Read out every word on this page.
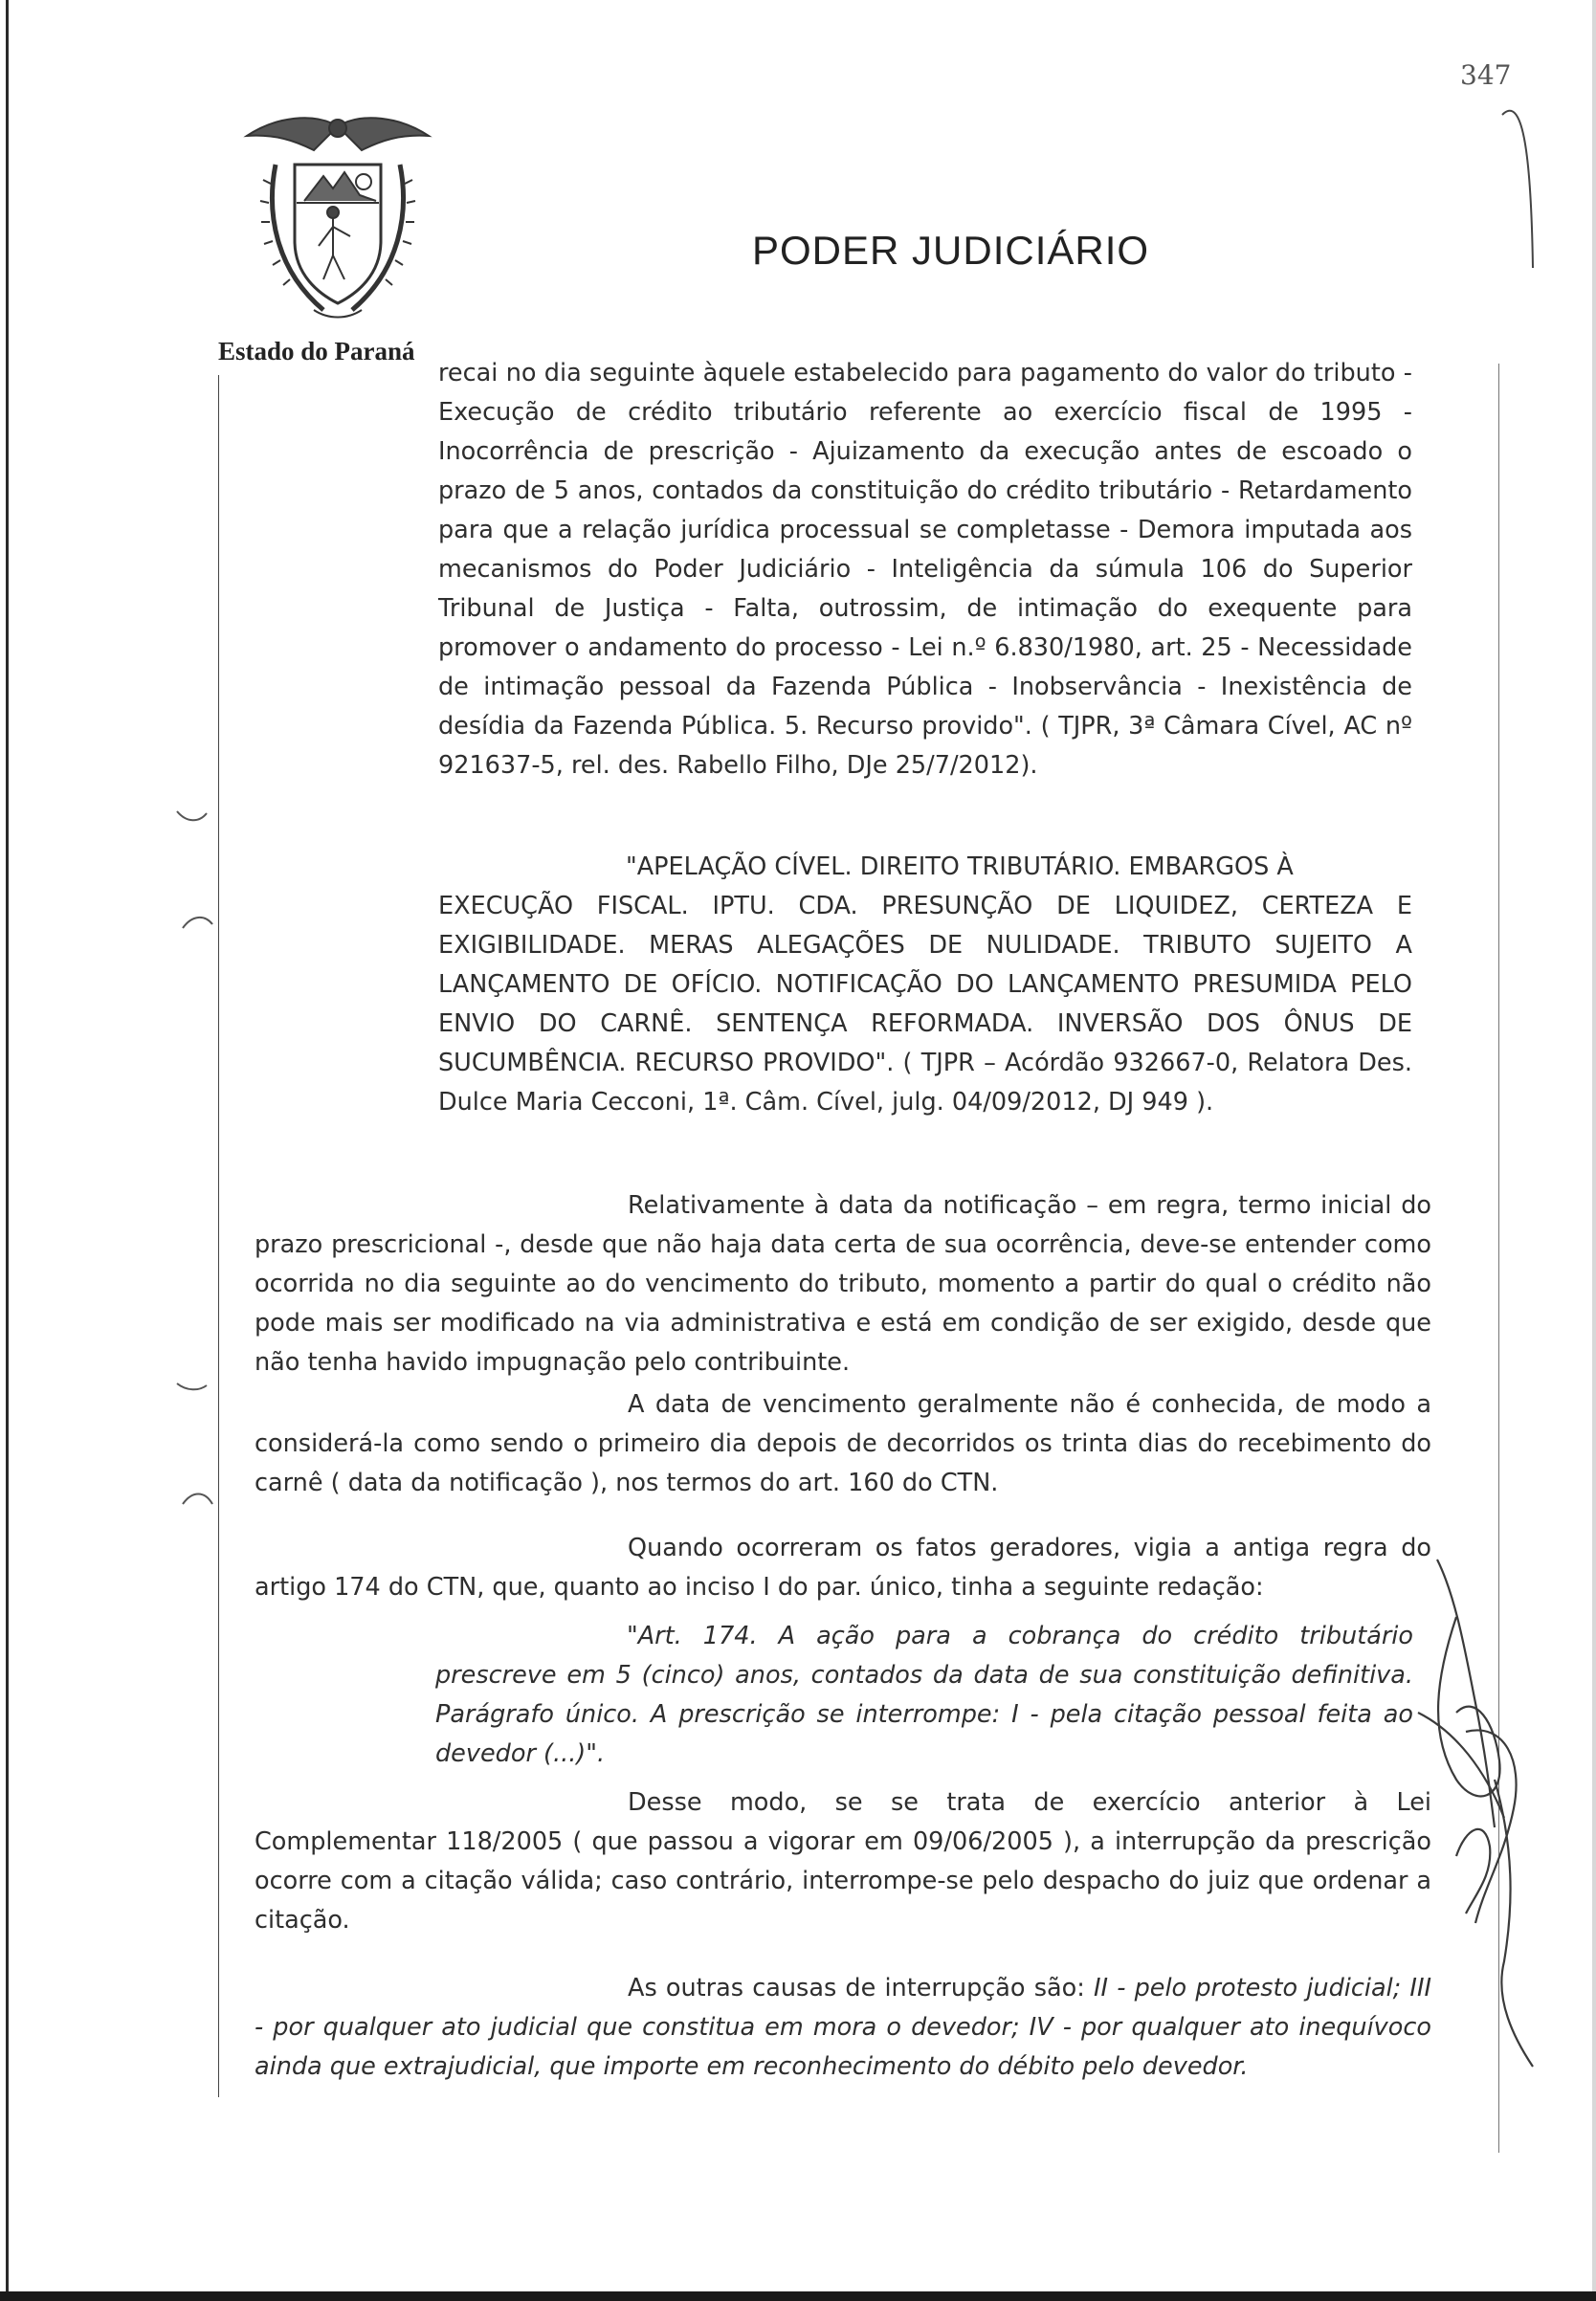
PODER JUDICIÁRIO
Estado do Paraná
347

recai no dia seguinte àquele estabelecido para pagamento do valor do tributo - Execução de crédito tributário referente ao exercício fiscal de 1995 - Inocorrência de prescrição - Ajuizamento da execução antes de escoado o prazo de 5 anos, contados da constituição do crédito tributário - Retardamento para que a relação jurídica processual se completasse - Demora imputada aos mecanismos do Poder Judiciário - Inteligência da súmula 106 do Superior Tribunal de Justiça - Falta, outrossim, de intimação do exequente para promover o andamento do processo - Lei n.º 6.830/1980, art. 25 - Necessidade de intimação pessoal da Fazenda Pública - Inobservância - Inexistência de desídia da Fazenda Pública. 5. Recurso provido". ( TJPR, 3ª Câmara Cível, AC nº 921637-5, rel. des. Rabello Filho, DJe 25/7/2012).

"APELAÇÃO CÍVEL. DIREITO TRIBUTÁRIO. EMBARGOS À

EXECUÇÃO FISCAL. IPTU. CDA. PRESUNÇÃO DE LIQUIDEZ, CERTEZA E EXIGIBILIDADE. MERAS ALEGAÇÕES DE NULIDADE. TRIBUTO SUJEITO A LANÇAMENTO DE OFÍCIO. NOTIFICAÇÃO DO LANÇAMENTO PRESUMIDA PELO ENVIO DO CARNÊ. SENTENÇA REFORMADA. INVERSÃO DOS ÔNUS DE SUCUMBÊNCIA. RECURSO PROVIDO". ( TJPR – Acórdão 932667-0, Relatora Des. Dulce Maria Cecconi, 1ª. Câm. Cível, julg. 04/09/2012, DJ 949 ).

Relativamente à data da notificação – em regra, termo inicial do prazo prescricional -, desde que não haja data certa de sua ocorrência, deve-se entender como ocorrida no dia seguinte ao do vencimento do tributo, momento a partir do qual o crédito não pode mais ser modificado na via administrativa e está em condição de ser exigido, desde que não tenha havido impugnação pelo contribuinte.

A data de vencimento geralmente não é conhecida, de modo a considerá-la como sendo o primeiro dia depois de decorridos os trinta dias do recebimento do carnê ( data da notificação ), nos termos do art. 160 do CTN.

Quando ocorreram os fatos geradores, vigia a antiga regra do artigo 174 do CTN, que, quanto ao inciso I do par. único, tinha a seguinte redação:

"Art. 174. A ação para a cobrança do crédito tributário prescreve em 5 (cinco) anos, contados da data de sua constituição definitiva. Parágrafo único. A prescrição se interrompe: I - pela citação pessoal feita ao devedor (...)".

Desse modo, se se trata de exercício anterior à Lei Complementar 118/2005 ( que passou a vigorar em 09/06/2005 ), a interrupção da prescrição ocorre com a citação válida; caso contrário, interrompe-se pelo despacho do juiz que ordenar a citação.

As outras causas de interrupção são: II - pelo protesto judicial; III - por qualquer ato judicial que constitua em mora o devedor; IV - por qualquer ato inequívoco ainda que extrajudicial, que importe em reconhecimento do débito pelo devedor.
